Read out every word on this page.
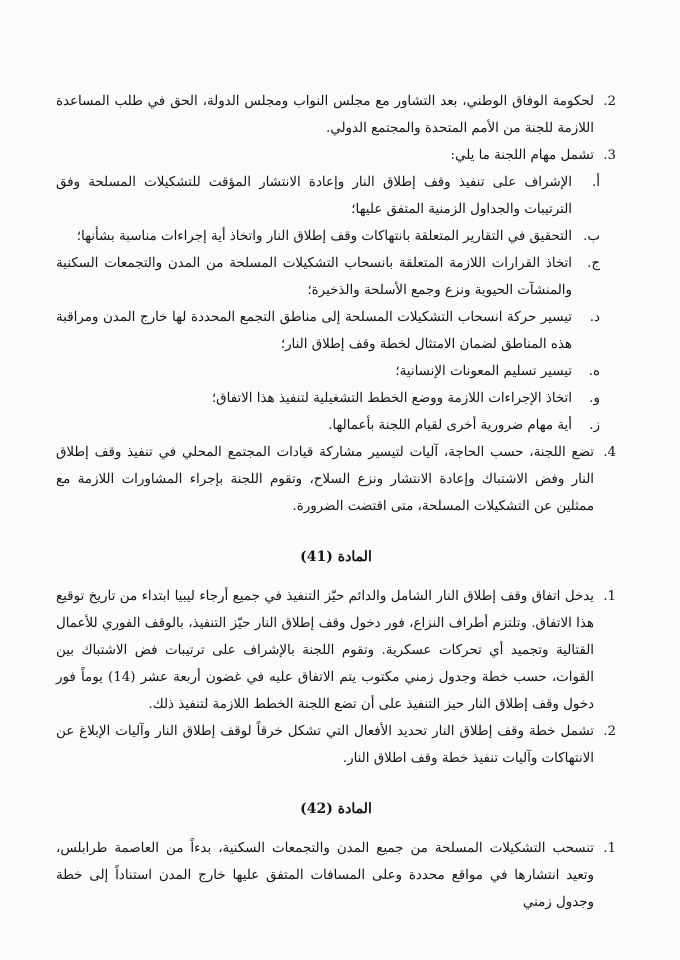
2.
لحكومة الوفاق الوطني، بعد التشاور مع مجلس النواب ومجلس الدولة، الحق في طلب المساعدة اللازمة للجنة من الأمم المتحدة والمجتمع الدولي.
3.
تشمل مهام اللجنة ما يلي:
أ.
الإشراف على تنفيذ وقف إطلاق النار وإعادة الانتشار المؤقت للتشكيلات المسلحة وفق الترتيبات والجداول الزمنية المتفق عليها؛
ب.
التحقيق في التقارير المتعلقة بانتهاكات وقف إطلاق النار واتخاذ أية إجراءات مناسبة بشأنها؛
ج.
اتخاذ القرارات اللازمة المتعلقة بانسحاب التشكيلات المسلحة من المدن والتجمعات السكنية والمنشآت الحيوية ونزع وجمع الأسلحة والذخيرة؛
د.
تيسير حركة انسحاب التشكيلات المسلحة إلى مناطق التجمع المحددة لها خارج المدن ومراقبة هذه المناطق لضمان الامتثال لخطة وقف إطلاق النار؛
ه.
تيسير تسليم المعونات الإنسانية؛
و.
اتخاذ الإجراءات اللازمة ووضع الخطط التشغيلية لتنفيذ هذا الاتفاق؛
ز.
أية مهام ضرورية أخرى لقيام اللجنة بأعمالها.
4.
تضع اللجنة، حسب الحاجة، آليات لتيسير مشاركة قيادات المجتمع المحلي في تنفيذ وقف إطلاق النار وفض الاشتباك وإعادة الانتشار ونزع السلاح، وتقوم اللجنة بإجراء المشاورات اللازمة مع ممثلين عن التشكيلات المسلحة، متى اقتضت الضرورة.
المادة (41)
1.
يدخل اتفاق وقف إطلاق النار الشامل والدائم حيّز التنفيذ في جميع أرجاء ليبيا ابتداء من تاريخ توقيع هذا الاتفاق. وتلتزم أطراف النزاع، فور دخول وقف إطلاق النار حيّز التنفيذ، بالوقف الفوري للأعمال القتالية وتجميد أي تحركات عسكرية. وتقوم اللجنة بالإشراف على ترتيبات فض الاشتباك بين القوات، حسب خطة وجدول زمني مكتوب يتم الاتفاق عليه في غضون أربعة عشر (14) يوماً فور دخول وقف إطلاق النار حيز التنفيذ على أن تضع اللجنة الخطط اللازمة لتنفيذ ذلك.
2.
تشمل خطة وقف إطلاق النار تحديد الأفعال التي تشكل خرقاً لوقف إطلاق النار وآليات الإبلاغ عن الانتهاكات وآليات تنفيذ خطة وقف اطلاق النار.
المادة (42)
1.
تنسحب التشكيلات المسلحة من جميع المدن والتجمعات السكنية، بدءاً من العاصمة طرابلس، وتعيد انتشارها في مواقع محددة وعلى المسافات المتفق عليها خارج المدن استناداً إلى خطة وجدول زمني
